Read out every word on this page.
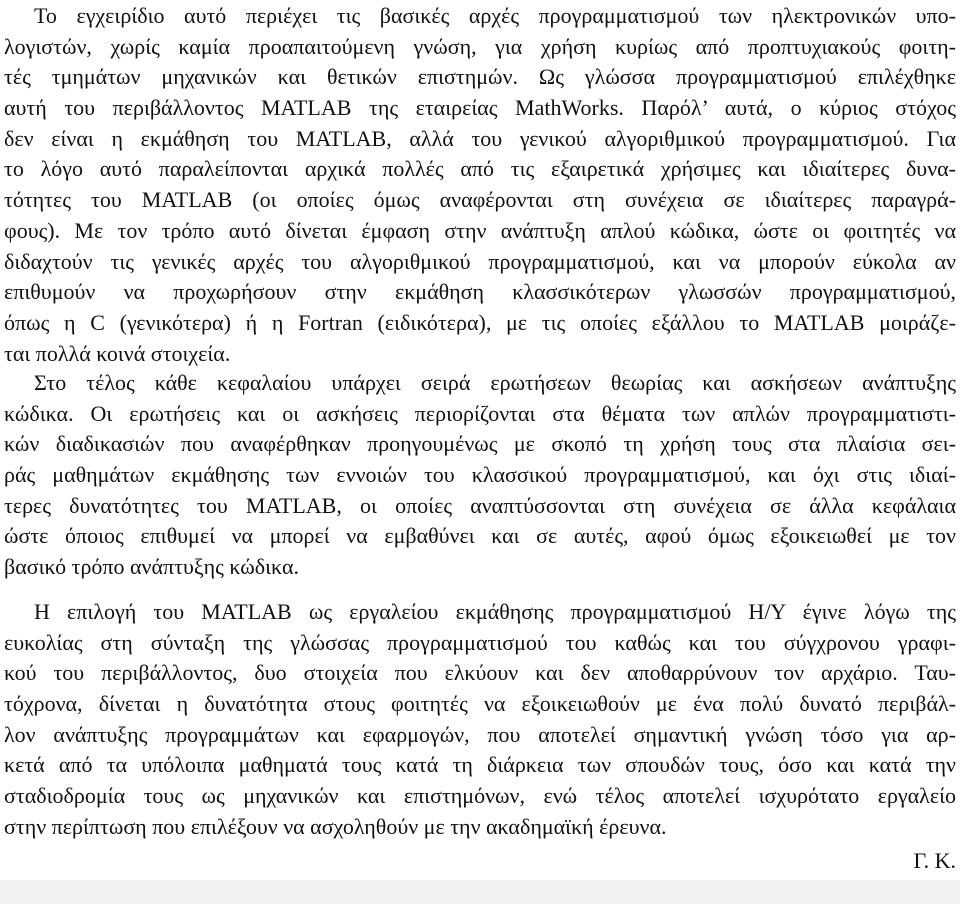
Το εγχειρίδιο αυτό περιέχει τις βασικές αρχές προγραμματισμού των ηλεκτρονικών υπο-
λογιστών, χωρίς καμία προαπαιτούμενη γνώση, για χρήση κυρίως από προπτυχιακούς φοιτη-
τές τμημάτων μηχανικών και θετικών επιστημών. Ως γλώσσα προγραμματισμού επιλέχθηκε
αυτή του περιβάλλοντος MATLAB της εταιρείας MathWorks. Παρόλ’ αυτά, ο κύριος στόχος
δεν είναι η εκμάθηση του MATLAB, αλλά του γενικού αλγοριθμικού προγραμματισμού. Για
το λόγο αυτό παραλείπονται αρχικά πολλές από τις εξαιρετικά χρήσιμες και ιδιαίτερες δυνα-
τότητες του MATLAB (οι οποίες όμως αναφέρονται στη συνέχεια σε ιδιαίτερες παραγρά-
φους). Με τον τρόπο αυτό δίνεται έμφαση στην ανάπτυξη απλού κώδικα, ώστε οι φοιτητές να
διδαχτούν τις γενικές αρχές του αλγοριθμικού προγραμματισμού, και να μπορούν εύκολα αν
επιθυμούν να προχωρήσουν στην εκμάθηση κλασσικότερων γλωσσών προγραμματισμού,
όπως η C (γενικότερα) ή η Fortran (ειδικότερα), με τις οποίες εξάλλου το MATLAB μοιράζε-
ται πολλά κοινά στοιχεία.
Στο τέλος κάθε κεφαλαίου υπάρχει σειρά ερωτήσεων θεωρίας και ασκήσεων ανάπτυξης
κώδικα. Οι ερωτήσεις και οι ασκήσεις περιορίζονται στα θέματα των απλών προγραμματιστι-
κών διαδικασιών που αναφέρθηκαν προηγουμένως με σκοπό τη χρήση τους στα πλαίσια σει-
ράς μαθημάτων εκμάθησης των εννοιών του κλασσικού προγραμματισμού, και όχι στις ιδιαί-
τερες δυνατότητες του MATLAB, οι οποίες αναπτύσσονται στη συνέχεια σε άλλα κεφάλαια
ώστε όποιος επιθυμεί να μπορεί να εμβαθύνει και σε αυτές, αφού όμως εξοικειωθεί με τον
βασικό τρόπο ανάπτυξης κώδικα.
Η επιλογή του MATLAB ως εργαλείου εκμάθησης προγραμματισμού Η/Υ έγινε λόγω της
ευκολίας στη σύνταξη της γλώσσας προγραμματισμού του καθώς και του σύγχρονου γραφι-
κού του περιβάλλοντος, δυο στοιχεία που ελκύουν και δεν αποθαρρύνουν τον αρχάριο. Ταυ-
τόχρονα, δίνεται η δυνατότητα στους φοιτητές να εξοικειωθούν με ένα πολύ δυνατό περιβάλ-
λον ανάπτυξης προγραμμάτων και εφαρμογών, που αποτελεί σημαντική γνώση τόσο για αρ-
κετά από τα υπόλοιπα μαθηματά τους κατά τη διάρκεια των σπουδών τους, όσο και κατά την
σταδιοδρομία τους ως μηχανικών και επιστημόνων, ενώ τέλος αποτελεί ισχυρότατο εργαλείο
στην περίπτωση που επιλέξουν να ασχοληθούν με την ακαδημαϊκή έρευνα.
Γ. Κ.
